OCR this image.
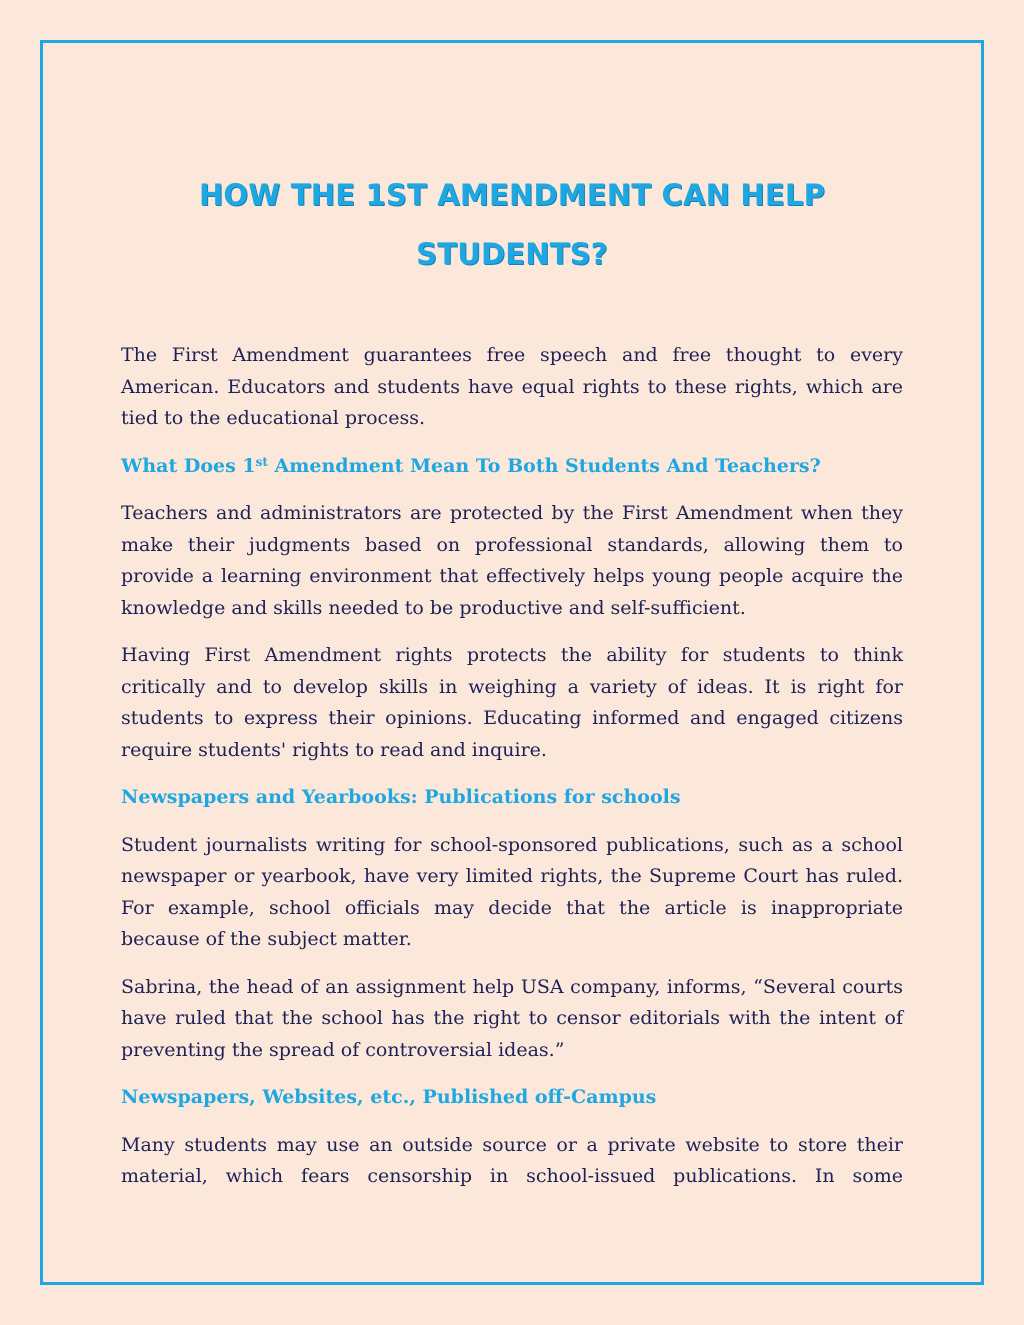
HOW THE 1ST AMENDMENT CAN HELP STUDENTS?

The First Amendment guarantees free speech and free thought to every American. Educators and students have equal rights to these rights, which are tied to the educational process.

What Does 1st Amendment Mean To Both Students And Teachers?

Teachers and administrators are protected by the First Amendment when they make their judgments based on professional standards, allowing them to provide a learning environment that effectively helps young people acquire the knowledge and skills needed to be productive and self-sufficient.

Having First Amendment rights protects the ability for students to think critically and to develop skills in weighing a variety of ideas. It is right for students to express their opinions. Educating informed and engaged citizens require students' rights to read and inquire.

Newspapers and Yearbooks: Publications for schools

Student journalists writing for school-sponsored publications, such as a school newspaper or yearbook, have very limited rights, the Supreme Court has ruled. For example, school officials may decide that the article is inappropriate because of the subject matter.

Sabrina, the head of an assignment help USA company, informs, “Several courts have ruled that the school has the right to censor editorials with the intent of preventing the spread of controversial ideas.”

Newspapers, Websites, etc., Published off-Campus

Many students may use an outside source or a private website to store their material, which fears censorship in school-issued publications. In some
